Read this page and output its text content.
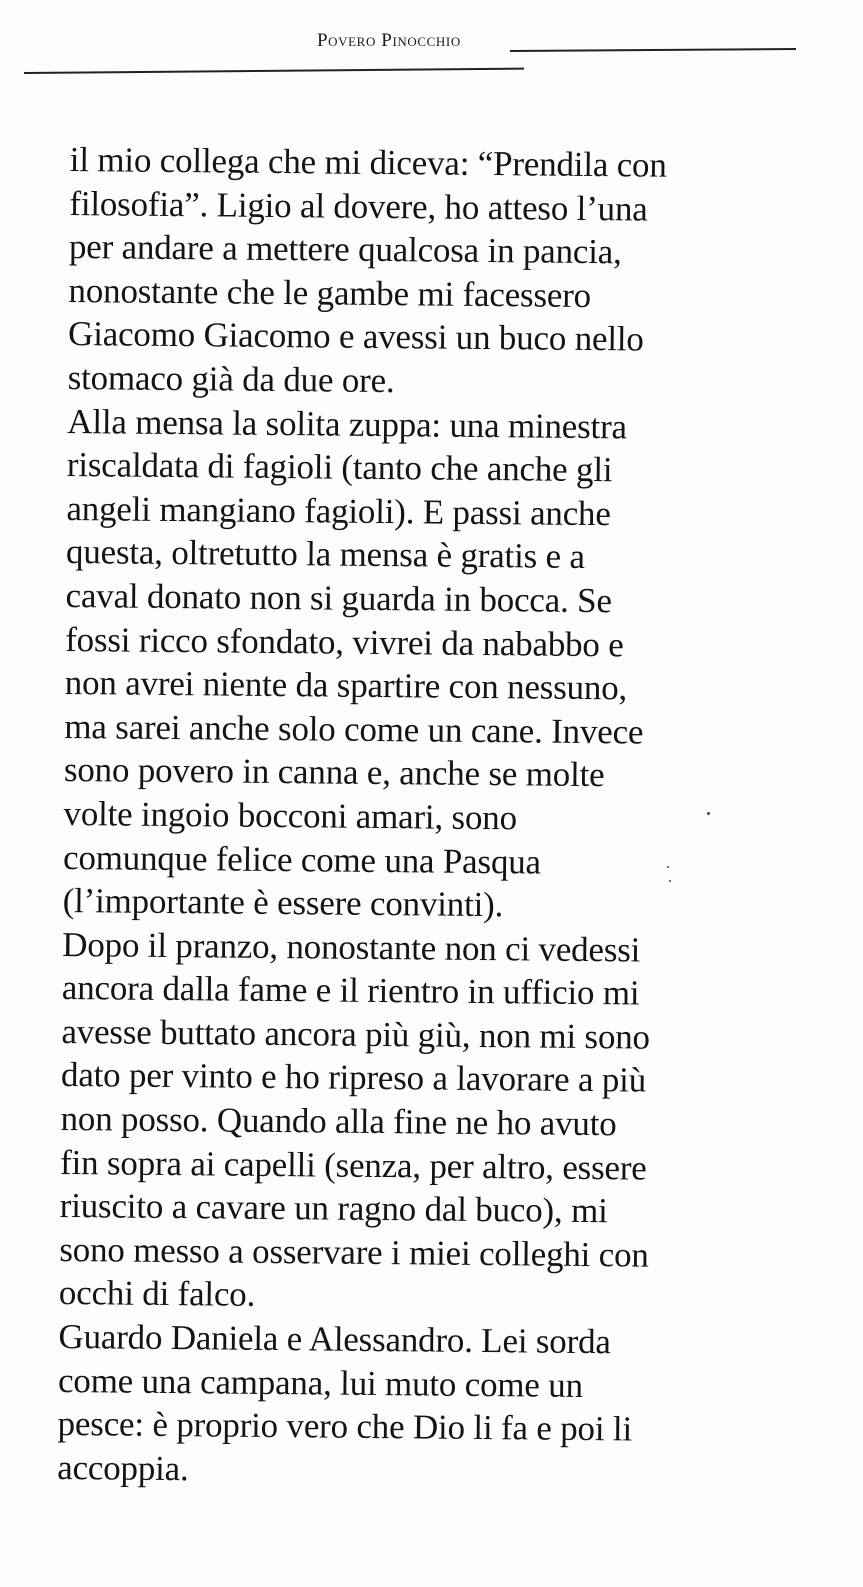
Povero Pinocchio
il mio collega che mi diceva: “Prendila con
filosofia”. Ligio al dovere, ho atteso l’una
per andare a mettere qualcosa in pancia,
nonostante che le gambe mi facessero
Giacomo Giacomo e avessi un buco nello
stomaco già da due ore.
Alla mensa la solita zuppa: una minestra
riscaldata di fagioli (tanto che anche gli
angeli mangiano fagioli). E passi anche
questa, oltretutto la mensa è gratis e a
caval donato non si guarda in bocca. Se
fossi ricco sfondato, vivrei da nababbo e
non avrei niente da spartire con nessuno,
ma sarei anche solo come un cane. Invece
sono povero in canna e, anche se molte
volte ingoio bocconi amari, sono
comunque felice come una Pasqua
(l’importante è essere convinti).
Dopo il pranzo, nonostante non ci vedessi
ancora dalla fame e il rientro in ufficio mi
avesse buttato ancora più giù, non mi sono
dato per vinto e ho ripreso a lavorare a più
non posso. Quando alla fine ne ho avuto
fin sopra ai capelli (senza, per altro, essere
riuscito a cavare un ragno dal buco), mi
sono messo a osservare i miei colleghi con
occhi di falco.
Guardo Daniela e Alessandro. Lei sorda
come una campana, lui muto come un
pesce: è proprio vero che Dio li fa e poi li
accoppia.
